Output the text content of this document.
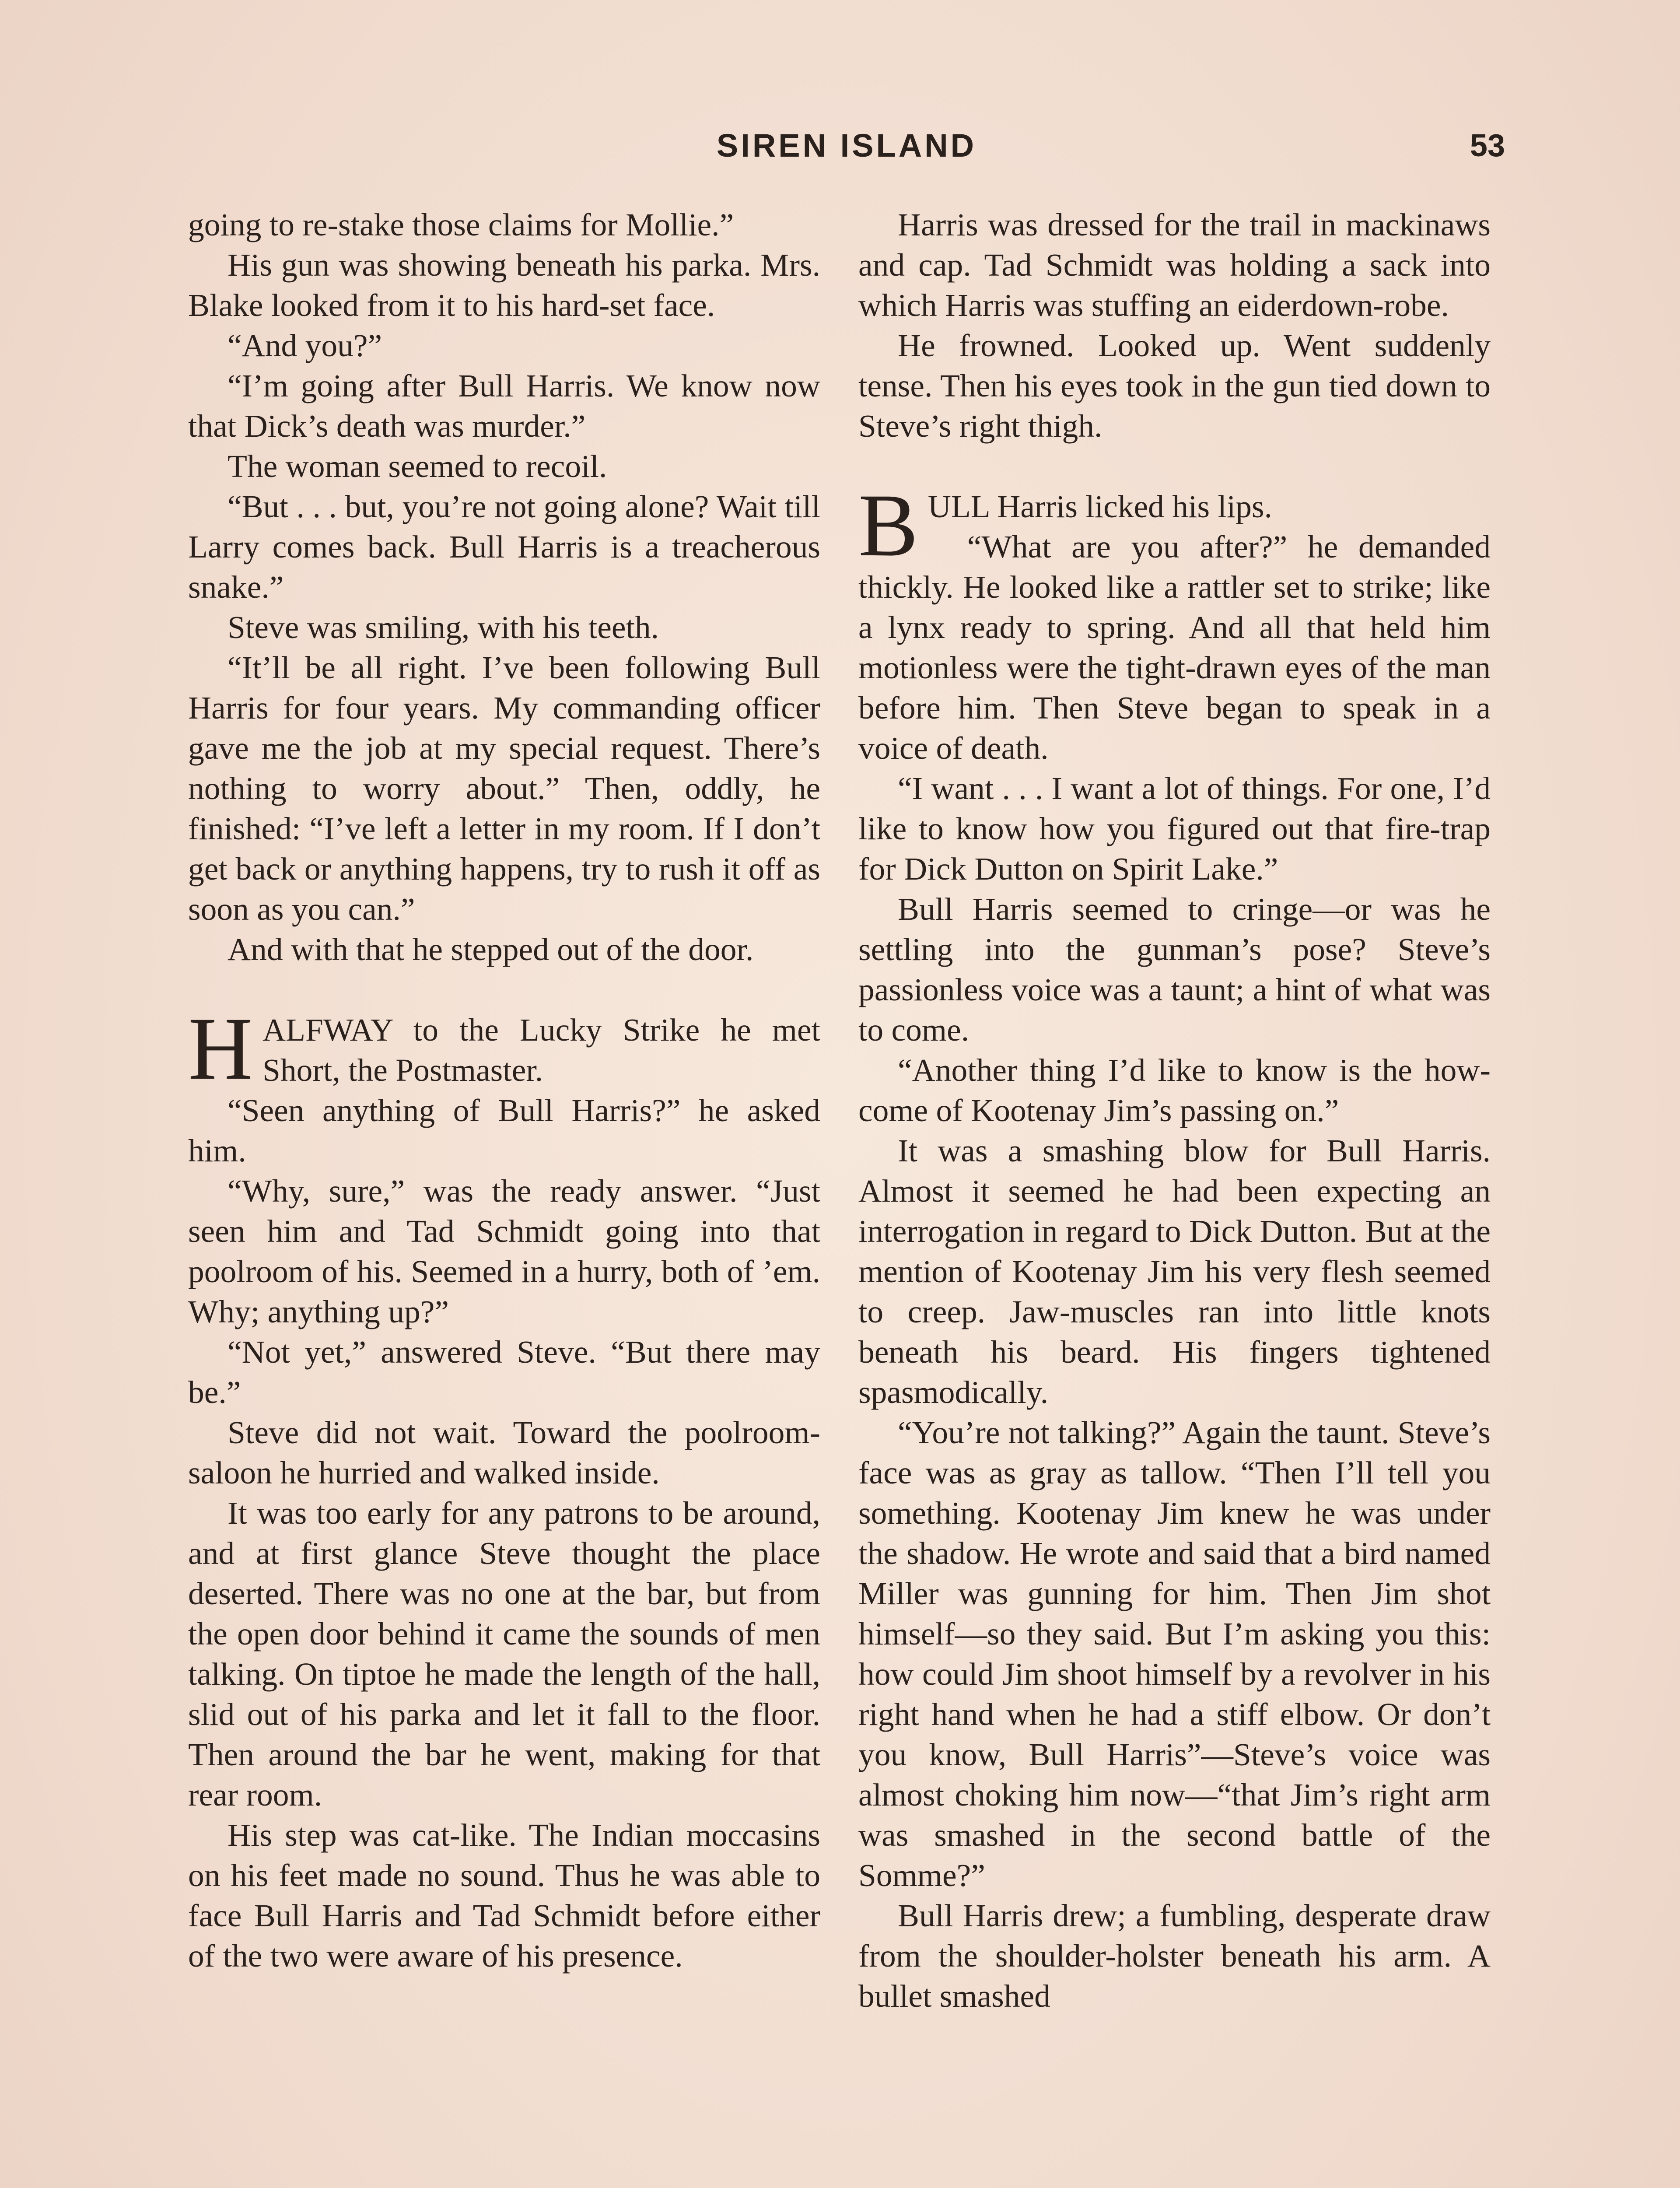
SIREN ISLAND	53

going to re-stake those claims for Mollie.”

His gun was showing beneath his parka. Mrs. Blake looked from it to his hard-set face.

“And you?”

“I’m going after Bull Harris. We know now that Dick’s death was murder.”

The woman seemed to recoil.

“But . . . but, you’re not going alone? Wait till Larry comes back. Bull Harris is a treacherous snake.”

Steve was smiling, with his teeth.

“It’ll be all right. I’ve been following Bull Harris for four years. My commanding officer gave me the job at my special request. There’s nothing to worry about.” Then, oddly, he finished: “I’ve left a letter in my room. If I don’t get back or anything happens, try to rush it off as soon as you can.”

And with that he stepped out of the door.

HALFWAY to the Lucky Strike he met Short, the Postmaster.

“Seen anything of Bull Harris?” he asked him.

“Why, sure,” was the ready answer. “Just seen him and Tad Schmidt going into that poolroom of his. Seemed in a hurry, both of ’em. Why; anything up?”

“Not yet,” answered Steve. “But there may be.”

Steve did not wait. Toward the poolroom-saloon he hurried and walked inside.

It was too early for any patrons to be around, and at first glance Steve thought the place deserted. There was no one at the bar, but from the open door behind it came the sounds of men talking. On tiptoe he made the length of the hall, slid out of his parka and let it fall to the floor. Then around the bar he went, making for that rear room.

His step was cat-like. The Indian moccasins on his feet made no sound. Thus he was able to face Bull Harris and Tad Schmidt before either of the two were aware of his presence.

Harris was dressed for the trail in mackinaws and cap. Tad Schmidt was holding a sack into which Harris was stuffing an eiderdown-robe.

He frowned. Looked up. Went suddenly tense. Then his eyes took in the gun tied down to Steve’s right thigh.

BULL Harris licked his lips.

“What are you after?” he demanded thickly. He looked like a rattler set to strike; like a lynx ready to spring. And all that held him motionless were the tight-drawn eyes of the man before him. Then Steve began to speak in a voice of death.

“I want . . . I want a lot of things. For one, I’d like to know how you figured out that fire-trap for Dick Dutton on Spirit Lake.”

Bull Harris seemed to cringe—or was he settling into the gunman’s pose? Steve’s passionless voice was a taunt; a hint of what was to come.

“Another thing I’d like to know is the how-come of Kootenay Jim’s passing on.”

It was a smashing blow for Bull Harris. Almost it seemed he had been expecting an interrogation in regard to Dick Dutton. But at the mention of Kootenay Jim his very flesh seemed to creep. Jaw-muscles ran into little knots beneath his beard. His fingers tightened spasmodically.

“You’re not talking?” Again the taunt. Steve’s face was as gray as tallow. “Then I’ll tell you something. Kootenay Jim knew he was under the shadow. He wrote and said that a bird named Miller was gunning for him. Then Jim shot himself—so they said. But I’m asking you this: how could Jim shoot himself by a revolver in his right hand when he had a stiff elbow. Or don’t you know, Bull Harris”—Steve’s voice was almost choking him now—“that Jim’s right arm was smashed in the second battle of the Somme?”

Bull Harris drew; a fumbling, desperate draw from the shoulder-holster beneath his arm. A bullet smashed
